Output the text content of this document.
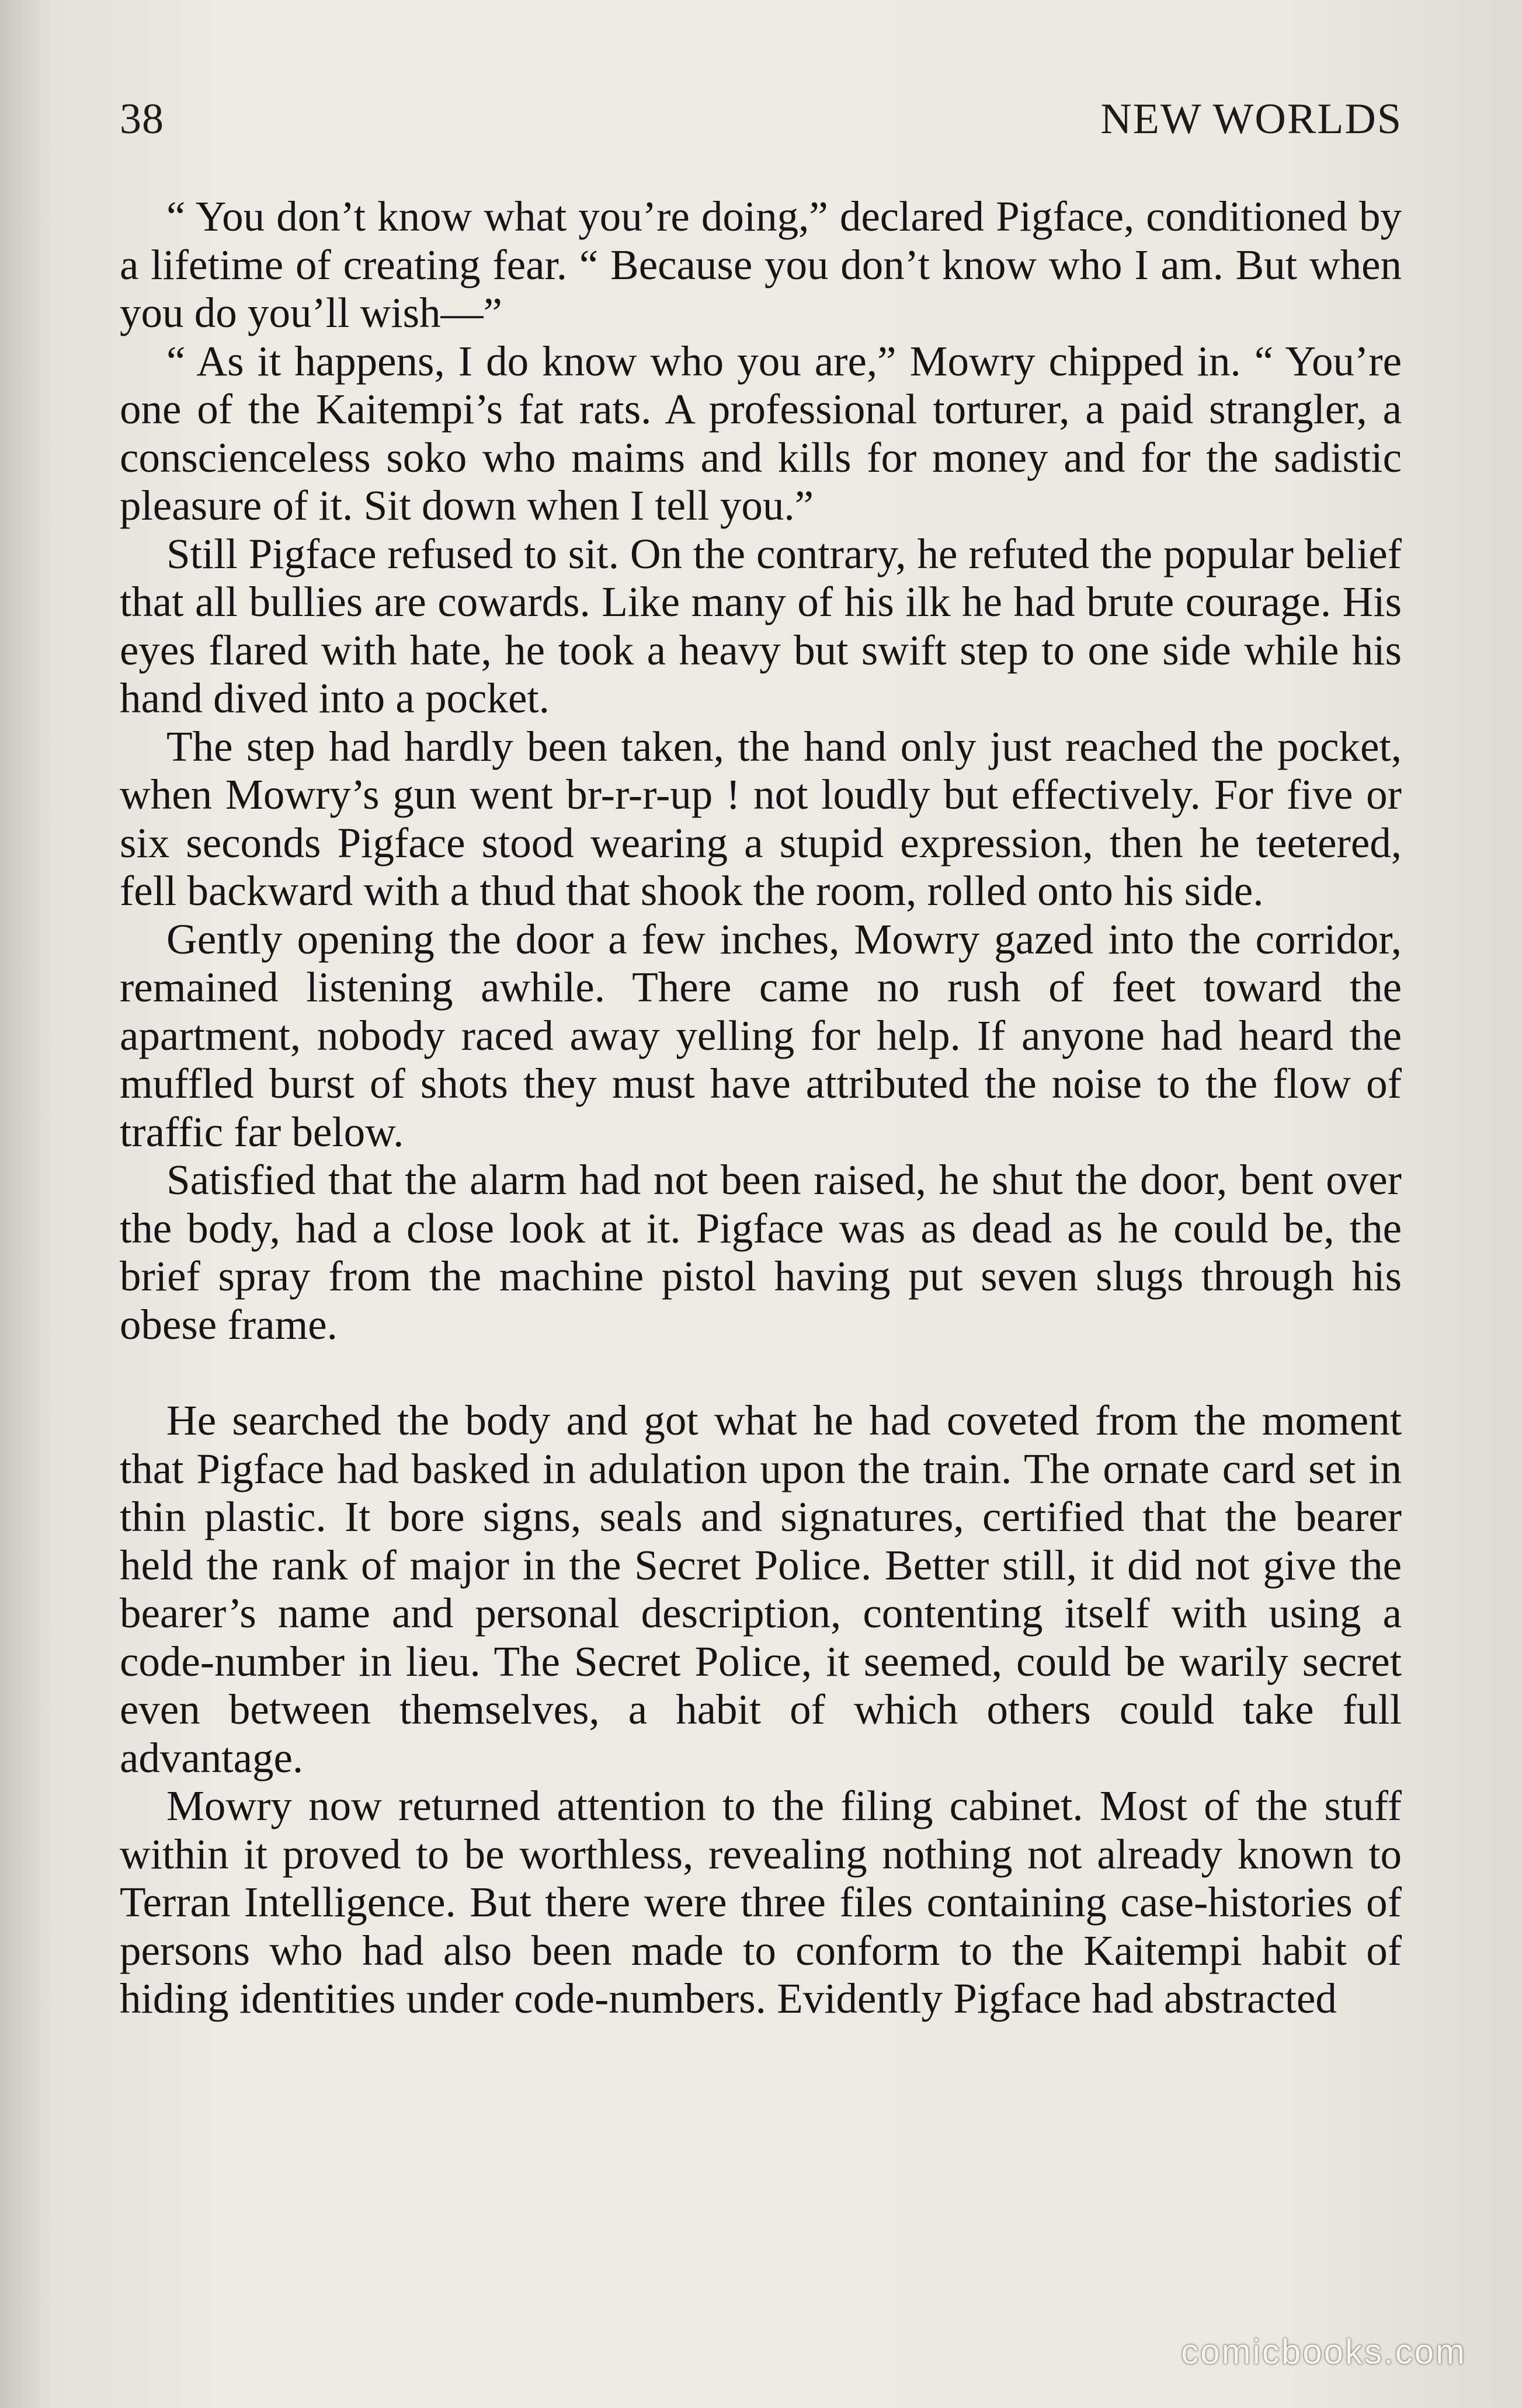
38	NEW WORLDS

“ You don’t know what you’re doing,” declared Pigface, conditioned by a lifetime of creating fear. “ Because you don’t know who I am. But when you do you’ll wish—”

“ As it happens, I do know who you are,” Mowry chipped in. “ You’re one of the Kaitempi’s fat rats. A professional torturer, a paid strangler, a conscienceless soko who maims and kills for money and for the sadistic pleasure of it. Sit down when I tell you.”

Still Pigface refused to sit. On the contrary, he refuted the popular belief that all bullies are cowards. Like many of his ilk he had brute courage. His eyes flared with hate, he took a heavy but swift step to one side while his hand dived into a pocket.

The step had hardly been taken, the hand only just reached the pocket, when Mowry’s gun went br-r-r-up ! not loudly but effectively. For five or six seconds Pigface stood wearing a stupid expression, then he teetered, fell backward with a thud that shook the room, rolled onto his side.

Gently opening the door a few inches, Mowry gazed into the corridor, remained listening awhile. There came no rush of feet toward the apartment, nobody raced away yelling for help. If anyone had heard the muffled burst of shots they must have attributed the noise to the flow of traffic far below.

Satisfied that the alarm had not been raised, he shut the door, bent over the body, had a close look at it. Pigface was as dead as he could be, the brief spray from the machine pistol having put seven slugs through his obese frame.

He searched the body and got what he had coveted from the moment that Pigface had basked in adulation upon the train. The ornate card set in thin plastic. It bore signs, seals and signatures, certified that the bearer held the rank of major in the Secret Police. Better still, it did not give the bearer’s name and personal description, contenting itself with using a code-number in lieu. The Secret Police, it seemed, could be warily secret even between themselves, a habit of which others could take full advantage.

Mowry now returned attention to the filing cabinet. Most of the stuff within it proved to be worthless, revealing nothing not already known to Terran Intelligence. But there were three files containing case-histories of persons who had also been made to conform to the Kaitempi habit of hiding identities under code-numbers. Evidently Pigface had abstracted

comicbooks.com
